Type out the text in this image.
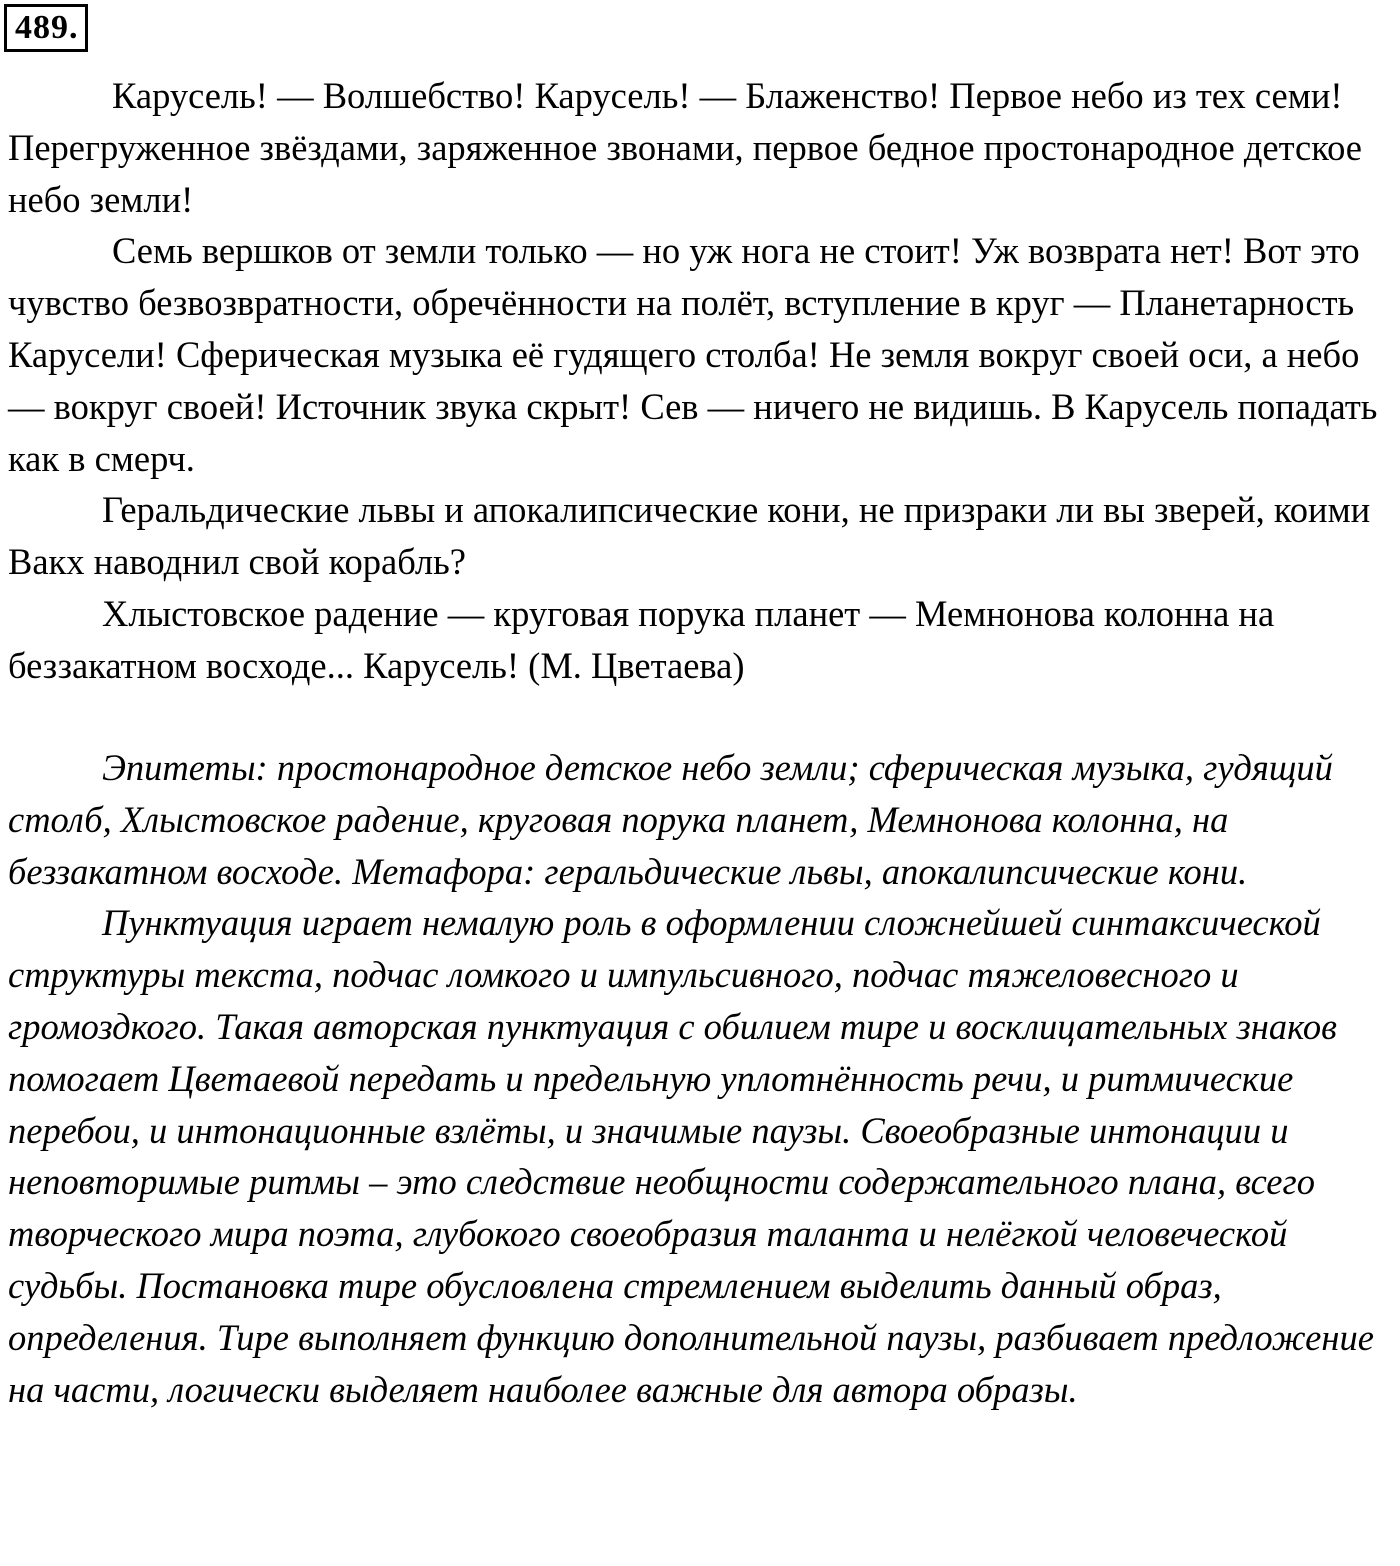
489.

Карусель! — Волшебство! Карусель! — Блаженство! Первое небо из тех семи! Перегруженное звёздами, заряженное звонами, первое бедное простонародное детское небо земли!

Семь вершков от земли только — но уж нога не стоит! Уж возврата нет! Вот это чувство безвозвратности, обречённости на полёт, вступление в круг — Планетарность Карусели! Сферическая музыка её гудящего столба! Не земля вокруг своей оси, а небо — вокруг своей! Источник звука скрыт! Сев — ничего не видишь. В Карусель попадать как в смерч.

Геральдические львы и апокалипсические кони, не призраки ли вы зверей, коими Вакх наводнил свой корабль?

Хлыстовское радение — круговая порука планет — Мемнонова колонна на беззакатном восходе... Карусель! (М. Цветаева)

Эпитеты: простонародное детское небо земли; сферическая музыка, гудящий столб, Хлыстовское радение, круговая порука планет, Мемнонова колонна, на беззакатном восходе. Метафора: геральдические львы, апокалипсические кони.

Пунктуация играет немалую роль в оформлении сложнейшей синтаксической структуры текста, подчас ломкого и импульсивного, подчас тяжеловесного и громоздкого. Такая авторская пунктуация с обилием тире и восклицательных знаков помогает Цветаевой передать и предельную уплотнённость речи, и ритмические перебои, и интонационные взлёты, и значимые паузы. Своеобразные интонации и неповторимые ритмы – это следствие необщности содержательного плана, всего творческого мира поэта, глубокого своеобразия таланта и нелёгкой человеческой судьбы. Постановка тире обусловлена стремлением выделить данный образ, определения. Тире выполняет функцию дополнительной паузы, разбивает предложение на части, логически выделяет наиболее важные для автора образы.
